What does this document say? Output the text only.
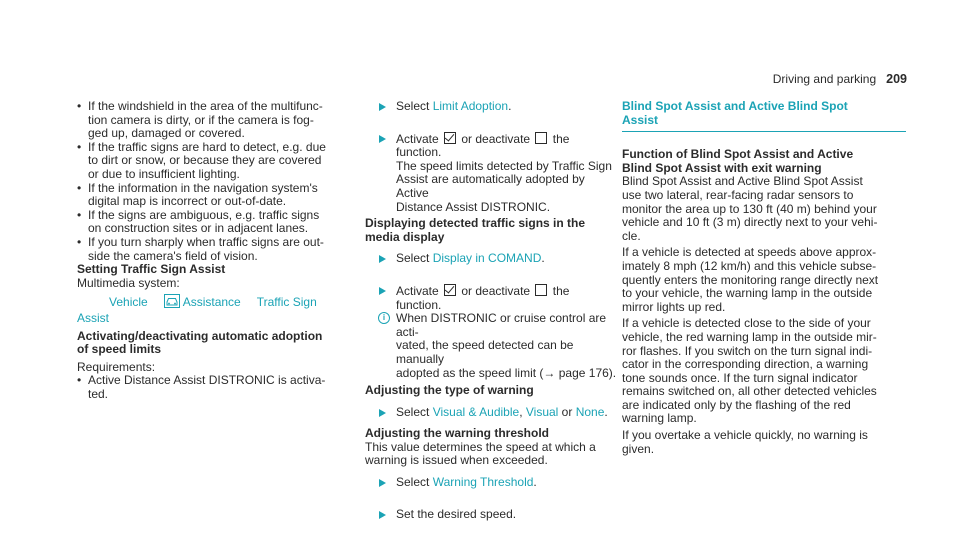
Driving and parking 209
• If the windshield in the area of the multifunc-
tion camera is dirty, or if the camera is fog-
ged up, damaged or covered.
• If the traffic signs are hard to detect, e.g. due
to dirt or snow, or because they are covered
or due to insufficient lighting.
• If the information in the navigation system's
digital map is incorrect or out-of-date.
• If the signs are ambiguous, e.g. traffic signs
on construction sites or in adjacent lanes.
• If you turn sharply when traffic signs are out-
side the camera's field of vision.
Setting Traffic Sign Assist
Multimedia system:
Vehicle	Assistance Traffic Sign
Assist
Activating/deactivating automatic adoption
of speed limits
Requirements:
• Active Distance Assist DISTRONIC is activa-
ted.
Select Limit Adoption.
Activate or deactivate the function.
The speed limits detected by Traffic Sign
Assist are automatically adopted by Active
Distance Assist DISTRONIC.
Displaying detected traffic signs in the
media display
Select Display in COMAND.
Activate or deactivate the function.
i When DISTRONIC or cruise control are acti-
vated, the speed detected can be manually
adopted as the speed limit (→ page 176).
Adjusting the type of warning
Select Visual & Audible, Visual or None.
Adjusting the warning threshold
This value determines the speed at which a
warning is issued when exceeded.
Select Warning Threshold.
Set the desired speed.
Blind Spot Assist and Active Blind Spot
Assist
Function of Blind Spot Assist and Active
Blind Spot Assist with exit warning
Blind Spot Assist and Active Blind Spot Assist
use two lateral, rear-facing radar sensors to
monitor the area up to 130 ft (40 m) behind your
vehicle and 10 ft (3 m) directly next to your vehi-
cle.
If a vehicle is detected at speeds above approx-
imately 8 mph (12 km/h) and this vehicle subse-
quently enters the monitoring range directly next
to your vehicle, the warning lamp in the outside
mirror lights up red.
If a vehicle is detected close to the side of your
vehicle, the red warning lamp in the outside mir-
ror flashes. If you switch on the turn signal indi-
cator in the corresponding direction, a warning
tone sounds once. If the turn signal indicator
remains switched on, all other detected vehicles
are indicated only by the flashing of the red
warning lamp.
If you overtake a vehicle quickly, no warning is
given.
